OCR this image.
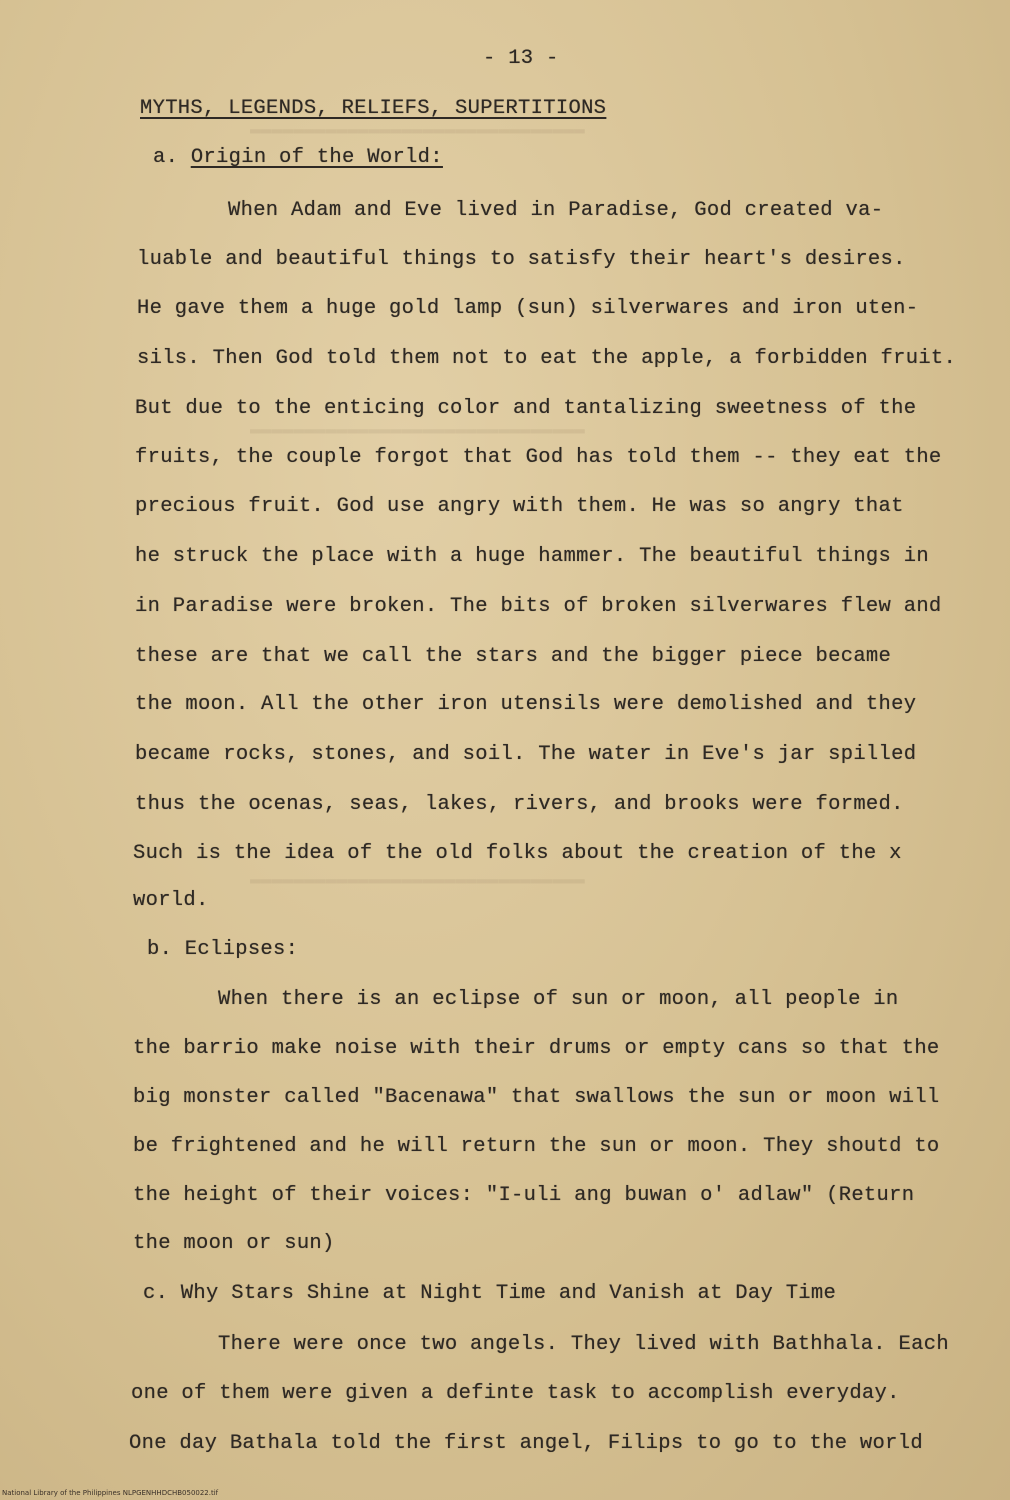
▬▬▬▬▬▬▬▬▬▬▬▬▬▬▬▬▬▬▬▬▬▬▬▬▬▬▬▬▬▬▬
▬▬▬▬▬▬▬▬▬▬▬▬▬▬▬▬▬▬▬▬▬▬▬▬▬▬▬▬▬▬▬
▬▬▬▬▬▬▬▬▬▬▬▬▬▬▬▬▬▬▬▬▬▬▬▬▬▬▬▬▬▬▬
- 13 -
MYTHS, LEGENDS, RELIEFS, SUPERTITIONS
a. Origin of the World:
When Adam and Eve lived in Paradise, God created va-
luable and beautiful things to satisfy their heart's desires.
He gave them a huge gold lamp (sun) silverwares and iron uten-
sils. Then God told them not to eat the apple, a forbidden fruit.
But due to the enticing color and tantalizing sweetness of the
fruits, the couple forgot that God has told them -- they eat the
precious fruit. God use angry with them. He was so angry that
he struck the place with a huge hammer. The beautiful things in
in Paradise were broken. The bits of broken silverwares flew and
these are that we call the stars and the bigger piece became
the moon. All the other iron utensils were demolished and they
became rocks, stones, and soil. The water in Eve's jar spilled
thus the ocenas, seas, lakes, rivers, and brooks were formed.
Such is the idea of the old folks about the creation of the x
world.
b. Eclipses:
When there is an eclipse of sun or moon, all people in
the barrio make noise with their drums or empty cans so that the
big monster called "Bacenawa" that swallows the sun or moon will
be frightened and he will return the sun or moon. They shoutd to
the height of their voices: "I-uli ang buwan o' adlaw" (Return
the moon or sun)
c. Why Stars Shine at Night Time and Vanish at Day Time
There were once two angels. They lived with Bathhala. Each
one of them were given a definte task to accomplish everyday.
One day Bathala told the first angel, Filips to go to the world
National Library of the Philippines NLPGENHHDCHB050022.tif
